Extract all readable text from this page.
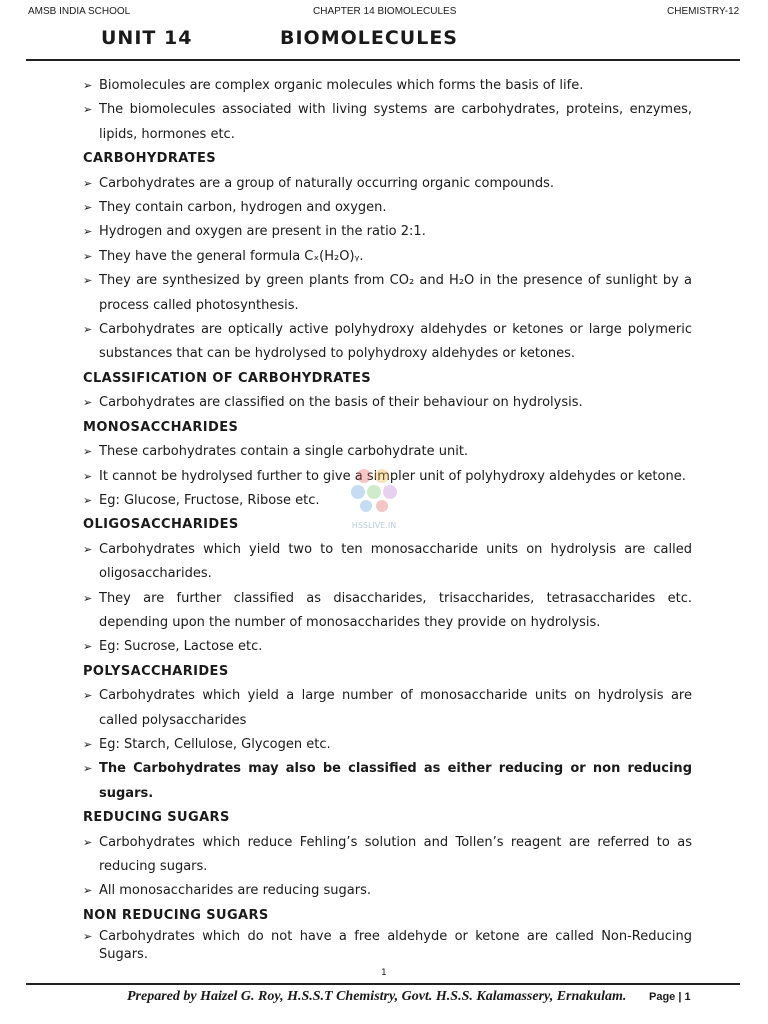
AMSB INDIA SCHOOL	CHAPTER 14 BIOMOLECULES	CHEMISTRY-12
UNIT 14	BIOMOLECULES
➢ Biomolecules are complex organic molecules which forms the basis of life.
➢ The biomolecules associated with living systems are carbohydrates, proteins, enzymes, lipids, hormones etc.
CARBOHYDRATES
➢ Carbohydrates are a group of naturally occurring organic compounds.
➢ They contain carbon, hydrogen and oxygen.
➢ Hydrogen and oxygen are present in the ratio 2:1.
➢ They have the general formula Cₓ(H₂O)ᵧ.
➢ They are synthesized by green plants from CO₂ and H₂O in the presence of sunlight by a process called photosynthesis.
➢ Carbohydrates are optically active polyhydroxy aldehydes or ketones or large polymeric substances that can be hydrolysed to polyhydroxy aldehydes or ketones.
CLASSIFICATION OF CARBOHYDRATES
➢ Carbohydrates are classified on the basis of their behaviour on hydrolysis.
MONOSACCHARIDES
➢ These carbohydrates contain a single carbohydrate unit.
➢ It cannot be hydrolysed further to give a simpler unit of polyhydroxy aldehydes or ketone.
➢ Eg: Glucose, Fructose, Ribose etc.
OLIGOSACCHARIDES
➢ Carbohydrates which yield two to ten monosaccharide units on hydrolysis are called oligosaccharides.
➢ They are further classified as disaccharides, trisaccharides, tetrasaccharides etc. depending upon the number of monosaccharides they provide on hydrolysis.
➢ Eg: Sucrose, Lactose etc.
POLYSACCHARIDES
➢ Carbohydrates which yield a large number of monosaccharide units on hydrolysis are called polysaccharides
➢ Eg: Starch, Cellulose, Glycogen etc.
➢ The Carbohydrates may also be classified as either reducing or non reducing sugars.
REDUCING SUGARS
➢ Carbohydrates which reduce Fehling’s solution and Tollen’s reagent are referred to as reducing sugars.
➢ All monosaccharides are reducing sugars.
NON REDUCING SUGARS
➢ Carbohydrates which do not have a free aldehyde or ketone are called Non-Reducing Sugars.
HSSLIVE.IN
1
Prepared by Haizel G. Roy, H.S.S.T Chemistry, Govt. H.S.S. Kalamassery, Ernakulam. Page | 1
